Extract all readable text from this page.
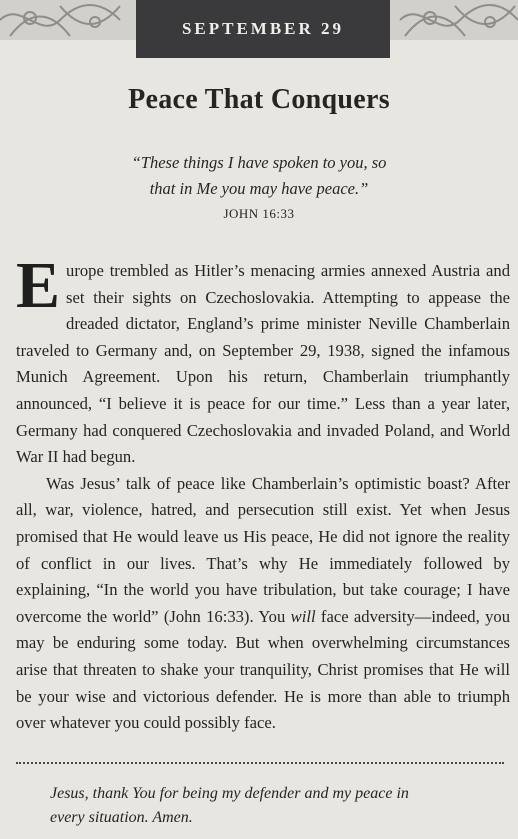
SEPTEMBER 29
Peace That Conquers
“These things I have spoken to you, so
that in Me you may have peace.”
JOHN 16:33

Europe trembled as Hitler’s menacing armies annexed Austria and set their sights on Czechoslovakia. Attempting to appease the dreaded dictator, England’s prime minister Neville Chamberlain traveled to Germany and, on September 29, 1938, signed the infamous Munich Agreement. Upon his return, Chamberlain triumphantly announced, “I believe it is peace for our time.” Less than a year later, Germany had conquered Czechoslovakia and invaded Poland, and World War II had begun.

Was Jesus’ talk of peace like Chamberlain’s optimistic boast? After all, war, violence, hatred, and persecution still exist. Yet when Jesus promised that He would leave us His peace, He did not ignore the reality of conflict in our lives. That’s why He immediately followed by explaining, “In the world you have tribulation, but take courage; I have overcome the world” (John 16:33). You will face adversity—indeed, you may be enduring some today. But when overwhelming circumstances arise that threaten to shake your tranquility, Christ promises that He will be your wise and victorious defender. He is more than able to triumph over whatever you could possibly face.

Jesus, thank You for being my defender and my peace in
every situation. Amen.
